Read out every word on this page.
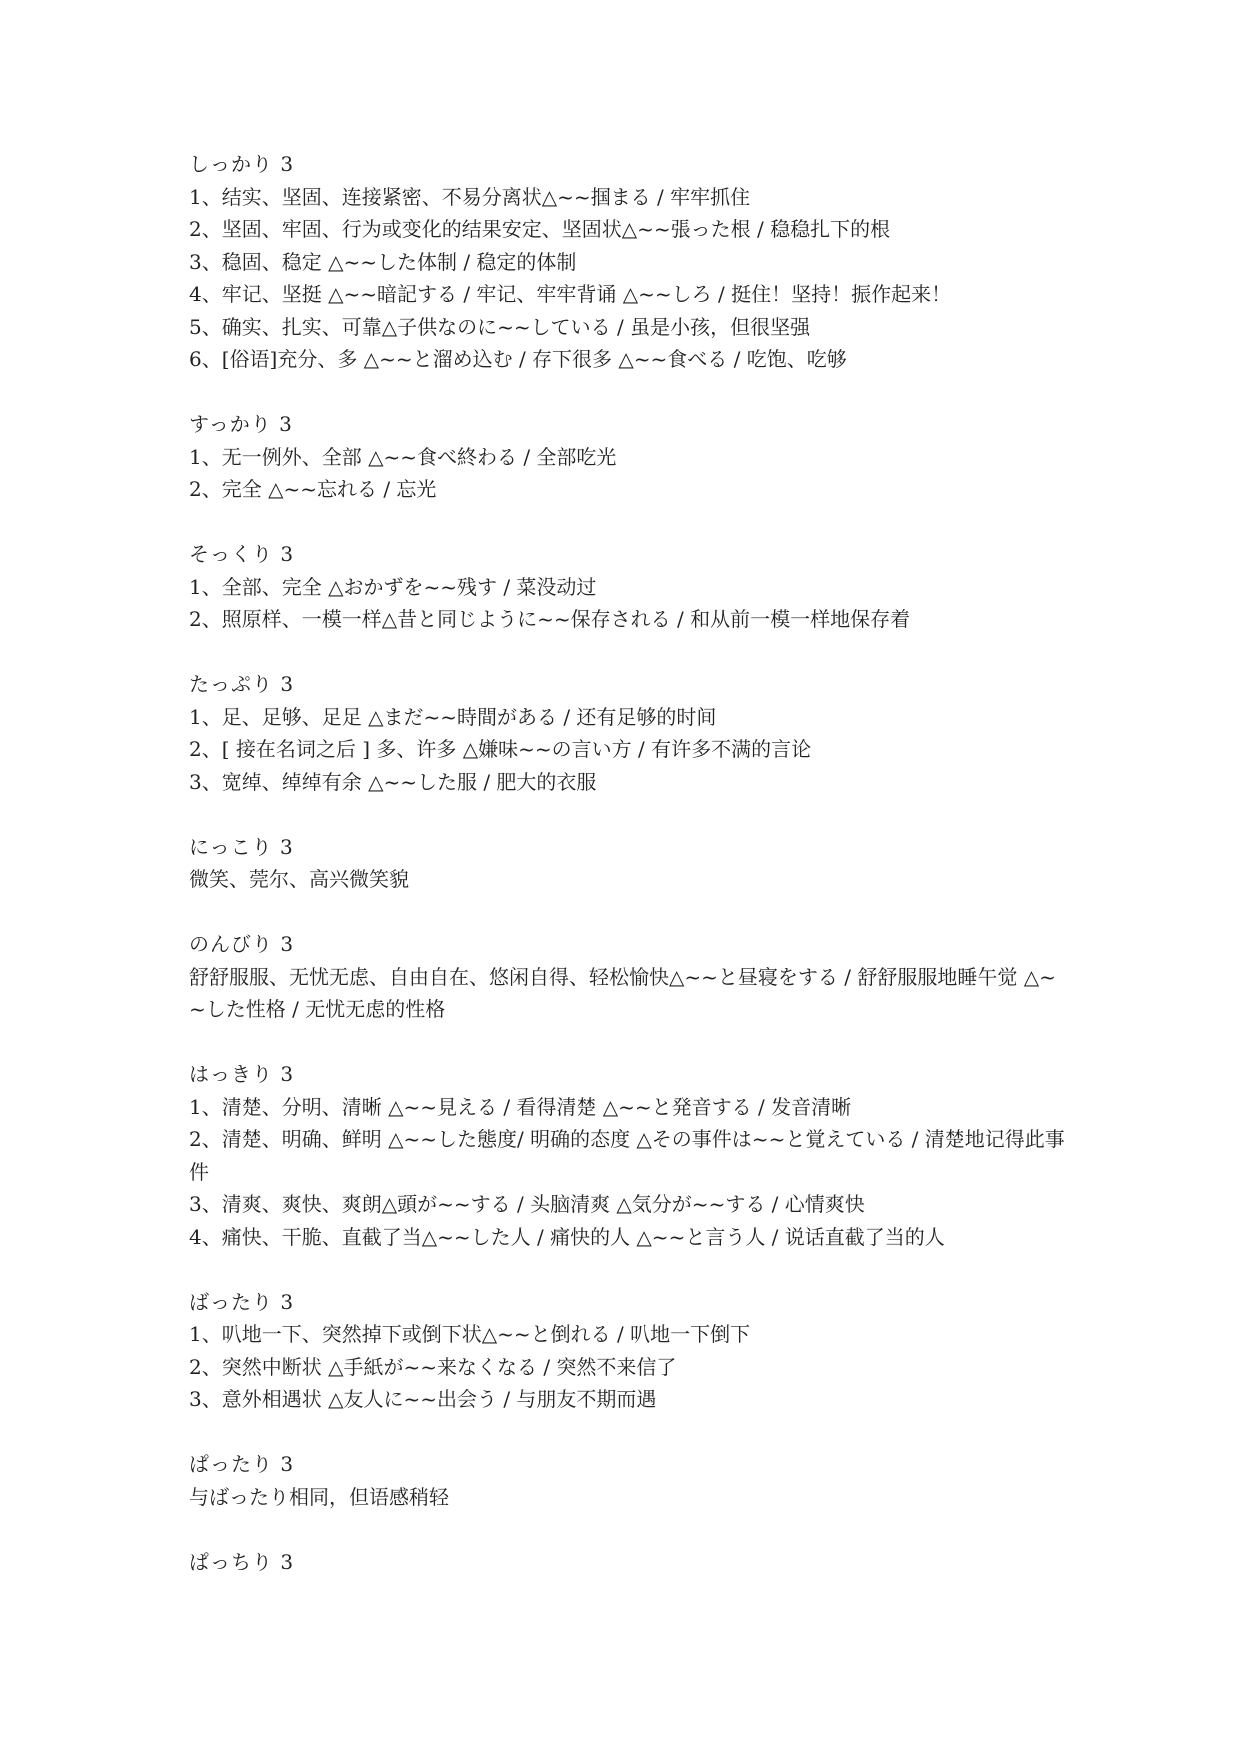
しっかり 3
1、结实、坚固、连接紧密、不易分离状△~~掴まる / 牢牢抓住
2、坚固、牢固、行为或变化的结果安定、坚固状△~~張った根 / 稳稳扎下的根
3、稳固、稳定 △~~した体制 / 稳定的体制
4、牢记、坚挺 △~~暗記する / 牢记、牢牢背诵 △~~しろ / 挺住！坚持！振作起来！
5、确实、扎实、可靠△子供なのに~~している / 虽是小孩，但很坚强
6、[俗语]充分、多 △~~と溜め込む / 存下很多 △~~食べる / 吃饱、吃够
すっかり 3
1、无一例外、全部 △~~食べ終わる / 全部吃光
2、完全 △~~忘れる / 忘光
そっくり 3
1、全部、完全 △おかずを~~残す / 菜没动过
2、照原样、一模一样△昔と同じように~~保存される / 和从前一模一样地保存着
たっぷり 3
1、足、足够、足足 △まだ~~時間がある / 还有足够的时间
2、[ 接在名词之后 ] 多、许多 △嫌味~~の言い方 / 有许多不满的言论
3、宽绰、绰绰有余 △~~した服 / 肥大的衣服
にっこり 3
微笑、莞尔、高兴微笑貌
のんびり 3
舒舒服服、无忧无虑、自由自在、悠闲自得、轻松愉快△~~と昼寝をする / 舒舒服服地睡午觉 △~~した性格 / 无忧无虑的性格
はっきり 3
1、清楚、分明、清晰 △~~見える / 看得清楚 △~~と発音する / 发音清晰
2、清楚、明确、鲜明 △~~した態度/ 明确的态度 △その事件は~~と覚えている / 清楚地记得此事件
3、清爽、爽快、爽朗△頭が~~する / 头脑清爽 △気分が~~する / 心情爽快
4、痛快、干脆、直截了当△~~した人 / 痛快的人 △~~と言う人 / 说话直截了当的人
ばったり 3
1、叭地一下、突然掉下或倒下状△~~と倒れる / 叭地一下倒下
2、突然中断状 △手紙が~~来なくなる / 突然不来信了
3、意外相遇状 △友人に~~出会う / 与朋友不期而遇
ぱったり 3
与ばったり相同，但语感稍轻
ぱっちり 3
